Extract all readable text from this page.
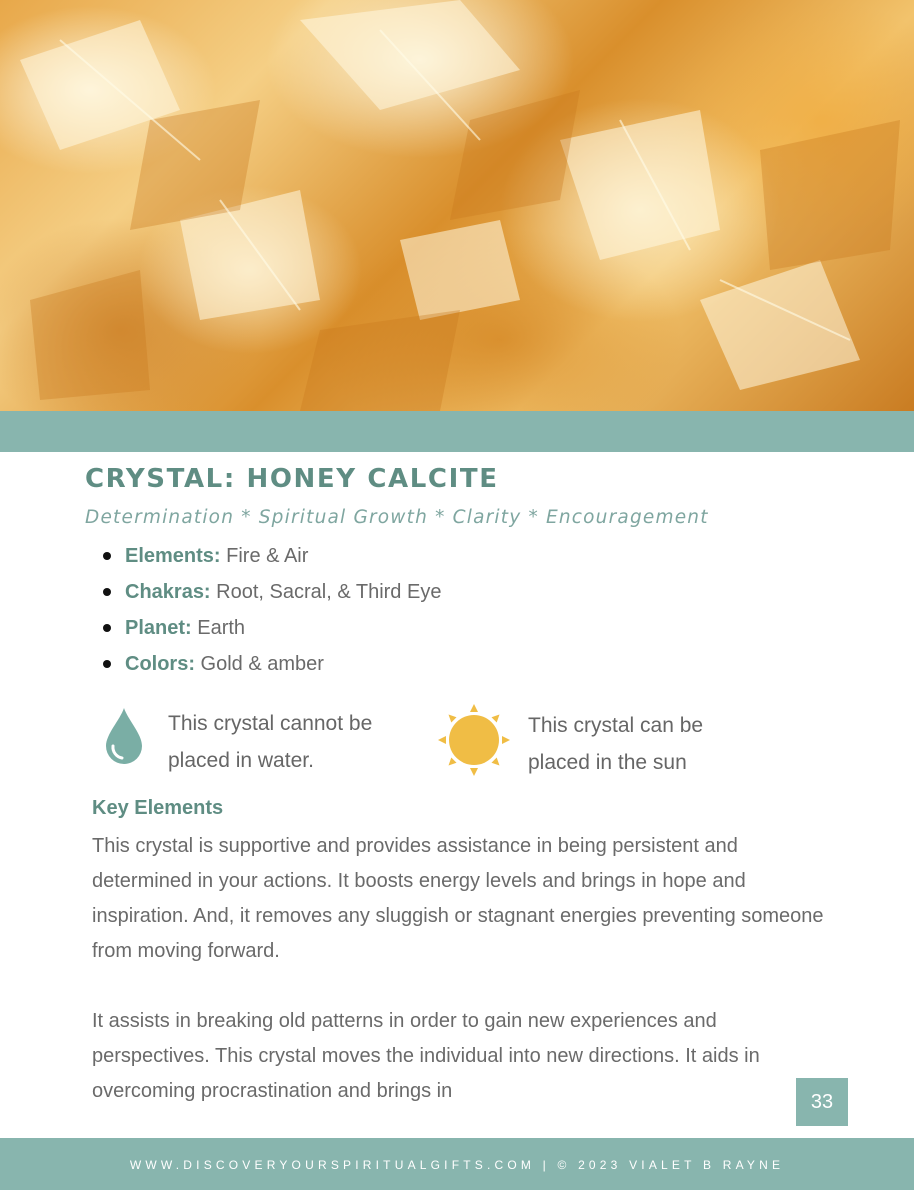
CRYSTAL: HONEY CALCITE
Determination * Spiritual Growth * Clarity * Encouragement
Elements: Fire & Air
Chakras: Root, Sacral, & Third Eye
Planet: Earth
Colors: Gold & amber
This crystal cannot be
placed in water.
This crystal can be
placed in the sun
Key Elements

This crystal is supportive and provides assistance in being persistent and determined in your actions. It boosts energy levels and brings in hope and inspiration. And, it removes any sluggish or stagnant energies preventing someone from moving forward.

It assists in breaking old patterns in order to gain new experiences and perspectives. This crystal moves the individual into new directions. It aids in overcoming procrastination and brings in	33
WWW.DISCOVERYOURSPIRITUALGIFTS.COM | © 2023 VIALET B RAYNE
